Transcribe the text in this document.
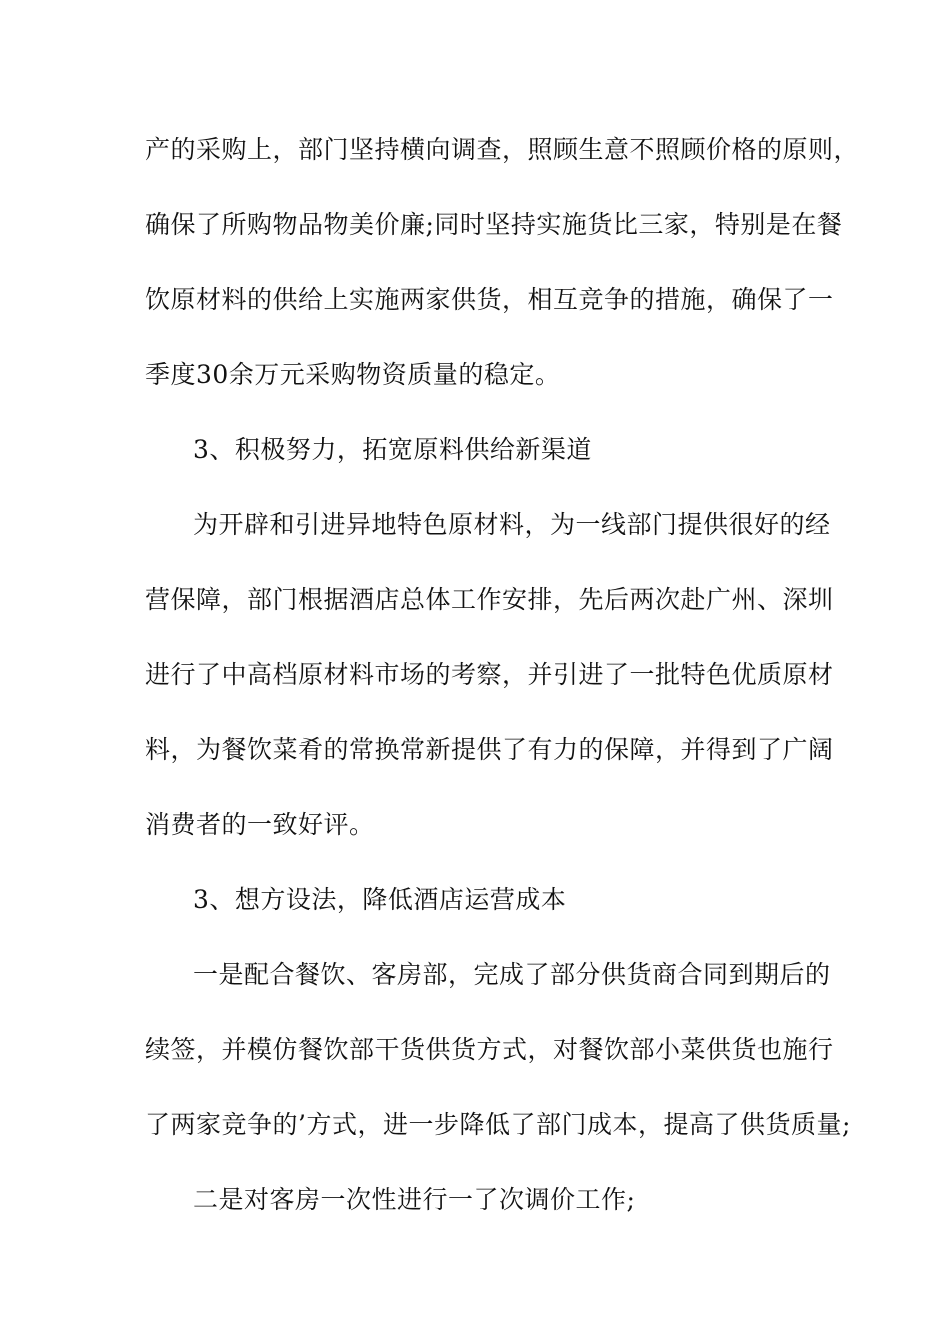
产的采购上，部门坚持横向调查，照顾生意不照顾价格的原则，
确保了所购物品物美价廉;同时坚持实施货比三家，特别是在餐
饮原材料的供给上实施两家供货，相互竞争的措施，确保了一
季度30余万元采购物资质量的稳定。
3、积极努力，拓宽原料供给新渠道
为开辟和引进异地特色原材料，为一线部门提供很好的经
营保障，部门根据酒店总体工作安排，先后两次赴广州、深圳
进行了中高档原材料市场的考察，并引进了一批特色优质原材
料，为餐饮菜肴的常换常新提供了有力的保障，并得到了广阔
消费者的一致好评。
3、想方设法，降低酒店运营成本
一是配合餐饮、客房部，完成了部分供货商合同到期后的
续签，并模仿餐饮部干货供货方式，对餐饮部小菜供货也施行
了两家竞争的’方式，进一步降低了部门成本，提高了供货质量;
二是对客房一次性进行一了次调价工作;
